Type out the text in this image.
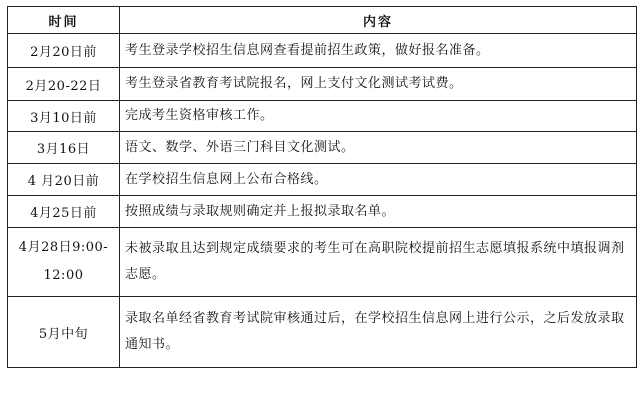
时间	内容
2月20日前	考生登录学校招生信息网查看提前招生政策，做好报名准备。
2月20-22日	考生登录省教育考试院报名，网上支付文化测试考试费。
3月10日前	完成考生资格审核工作。
3月16日	语文、数学、外语三门科目文化测试。
4 月20日前	在学校招生信息网上公布合格线。
4月25日前	按照成绩与录取规则确定并上报拟录取名单。

4月28日9:00-
12:00	未被录取且达到规定成绩要求的考生可在高职院校提前招生志愿填报系统中填报调剂志愿。
5月中旬	录取名单经省教育考试院审核通过后，在学校招生信息网上进行公示，之后发放录取通知书。
